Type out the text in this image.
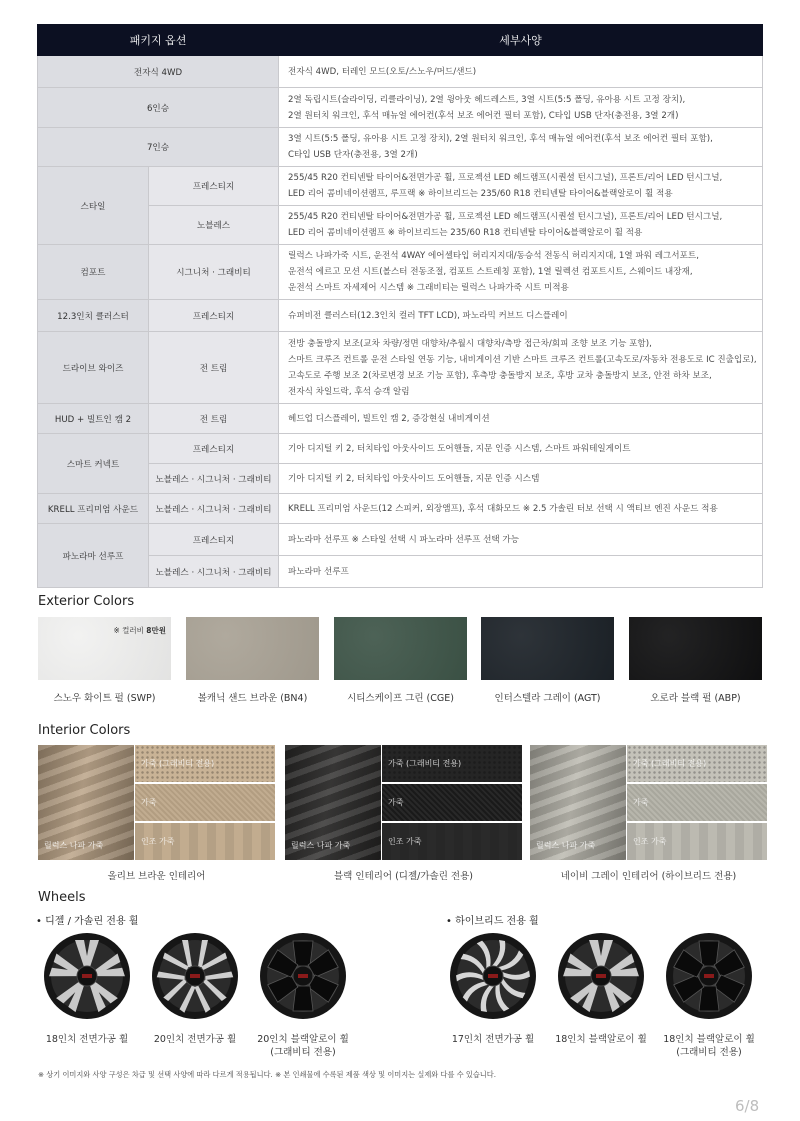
패키지 옵션		세부사양
전자식 4WD		전자식 4WD, 터레인 모드(오토/스노우/머드/샌드)

6인승		2열 독립시트(슬라이딩, 리클라이닝), 2열 윙아웃 헤드레스트, 3열 시트(5:5 폴딩, 유아용 시트 고정 장치),
2열 원터치 워크인, 후석 매뉴얼 에어컨(후석 보조 에어컨 필터 포함), C타입 USB 단자(충전용, 3열 2개)

7인승		3열 시트(5:5 폴딩, 유아용 시트 고정 장치), 2열 원터치 워크인, 후석 매뉴얼 에어컨(후석 보조 에어컨 필터 포함),
C타입 USB 단자(충전용, 3열 2개)

스타일	프레스티지	255/45 R20 컨티넨탈 타이어&전면가공 휠, 프로젝션 LED 헤드램프(시퀀셜 턴시그널), 프론트/리어 LED 턴시그널,
LED 리어 콤비네이션램프, 루프랙 ※ 하이브리드는 235/60 R18 컨티넨탈 타이어&블랙알로이 휠 적용

	노블레스	255/45 R20 컨티넨탈 타이어&전면가공 휠, 프로젝션 LED 헤드램프(시퀀셜 턴시그널), 프론트/리어 LED 턴시그널,
LED 리어 콤비네이션램프 ※ 하이브리드는 235/60 R18 컨티넨탈 타이어&블랙알로이 휠 적용

컴포트	시그니처 · 그래비티	릴럭스 나파가죽 시트, 운전석 4WAY 에어셀타입 허리지지대/동승석 전동식 허리지지대, 1열 파워 레그서포트,
운전석 에르고 모션 시트(볼스터 전동조절, 컴포트 스트레칭 포함), 1열 릴렉션 컴포트시트, 스웨이드 내장재,
운전석 스마트 자세제어 시스템 ※ 그래비티는 릴럭스 나파가죽 시트 미적용

12.3인치 클러스터	프레스티지	슈퍼비전 클러스터(12.3인치 컬러 TFT LCD), 파노라믹 커브드 디스플레이

드라이브 와이즈	전 트림	전방 충돌방지 보조(교차 차량/정면 대향차/추월시 대향차/측방 접근차/회피 조향 보조 기능 포함),
스마트 크루즈 컨트롤 운전 스타일 연동 기능, 내비게이션 기반 스마트 크루즈 컨트롤(고속도로/자동차 전용도로 IC 진출입로),
고속도로 주행 보조 2(차로변경 보조 기능 포함), 후측방 충돌방지 보조, 후방 교차 충돌방지 보조, 안전 하차 보조,
전자식 차일드락, 후석 승객 알림

HUD + 빌트인 캠 2	전 트림	헤드업 디스플레이, 빌트인 캠 2, 증강현실 내비게이션

스마트 커넥트	프레스티지	기아 디지털 키 2, 터치타입 아웃사이드 도어핸들, 지문 인증 시스템, 스마트 파워테일게이트

	노블레스 · 시그니처 · 그래비티	기아 디지털 키 2, 터치타입 아웃사이드 도어핸들, 지문 인증 시스템

KRELL 프리미엄 사운드	노블레스 · 시그니처 · 그래비티	KRELL 프리미엄 사운드(12 스피커, 외장앰프), 후석 대화모드 ※ 2.5 가솔린 터보 선택 시 액티브 엔진 사운드 적용

파노라마 선루프	프레스티지	파노라마 선루프 ※ 스타일 선택 시 파노라마 선루프 선택 가능

	노블레스 · 시그니처 · 그래비티	파노라마 선루프
Exterior Colors
※ 컬러비 8만원
스노우 화이트 펄 (SWP)	볼캐닉 샌드 브라운 (BN4)	시티스케이프 그린 (CGE)	인터스텔라 그레이 (AGT)	오로라 블랙 펄 (ABP)
Interior Colors
릴럭스 나파 가죽
가죽 (그래비티 전용)
가죽
인조 가죽	릴럭스 나파 가죽
가죽 (그래비티 전용)
가죽
인조 가죽	릴럭스 나파 가죽
가죽 (그래비티 전용)
가죽
인조 가죽
올리브 브라운 인테리어	블랙 인테리어 (디젤/가솔린 전용)	네이비 그레이 인테리어 (하이브리드 전용)
Wheels
• 디젤 / 가솔린 전용 휠	• 하이브리드 전용 휠
18인치 전면가공 휠	20인치 전면가공 휠	20인치 블랙알로이 휠
(그래비티 전용)
17인치 전면가공 휠	18인치 블랙알로이 휠	18인치 블랙알로이 휠
(그래비티 전용)
※ 상기 이미지와 사양 구성은 차급 및 선택 사양에 따라 다르게 적용됩니다. ※ 본 인쇄물에 수록된 제품 색상 및 이미지는 실제와 다를 수 있습니다.
6/8
